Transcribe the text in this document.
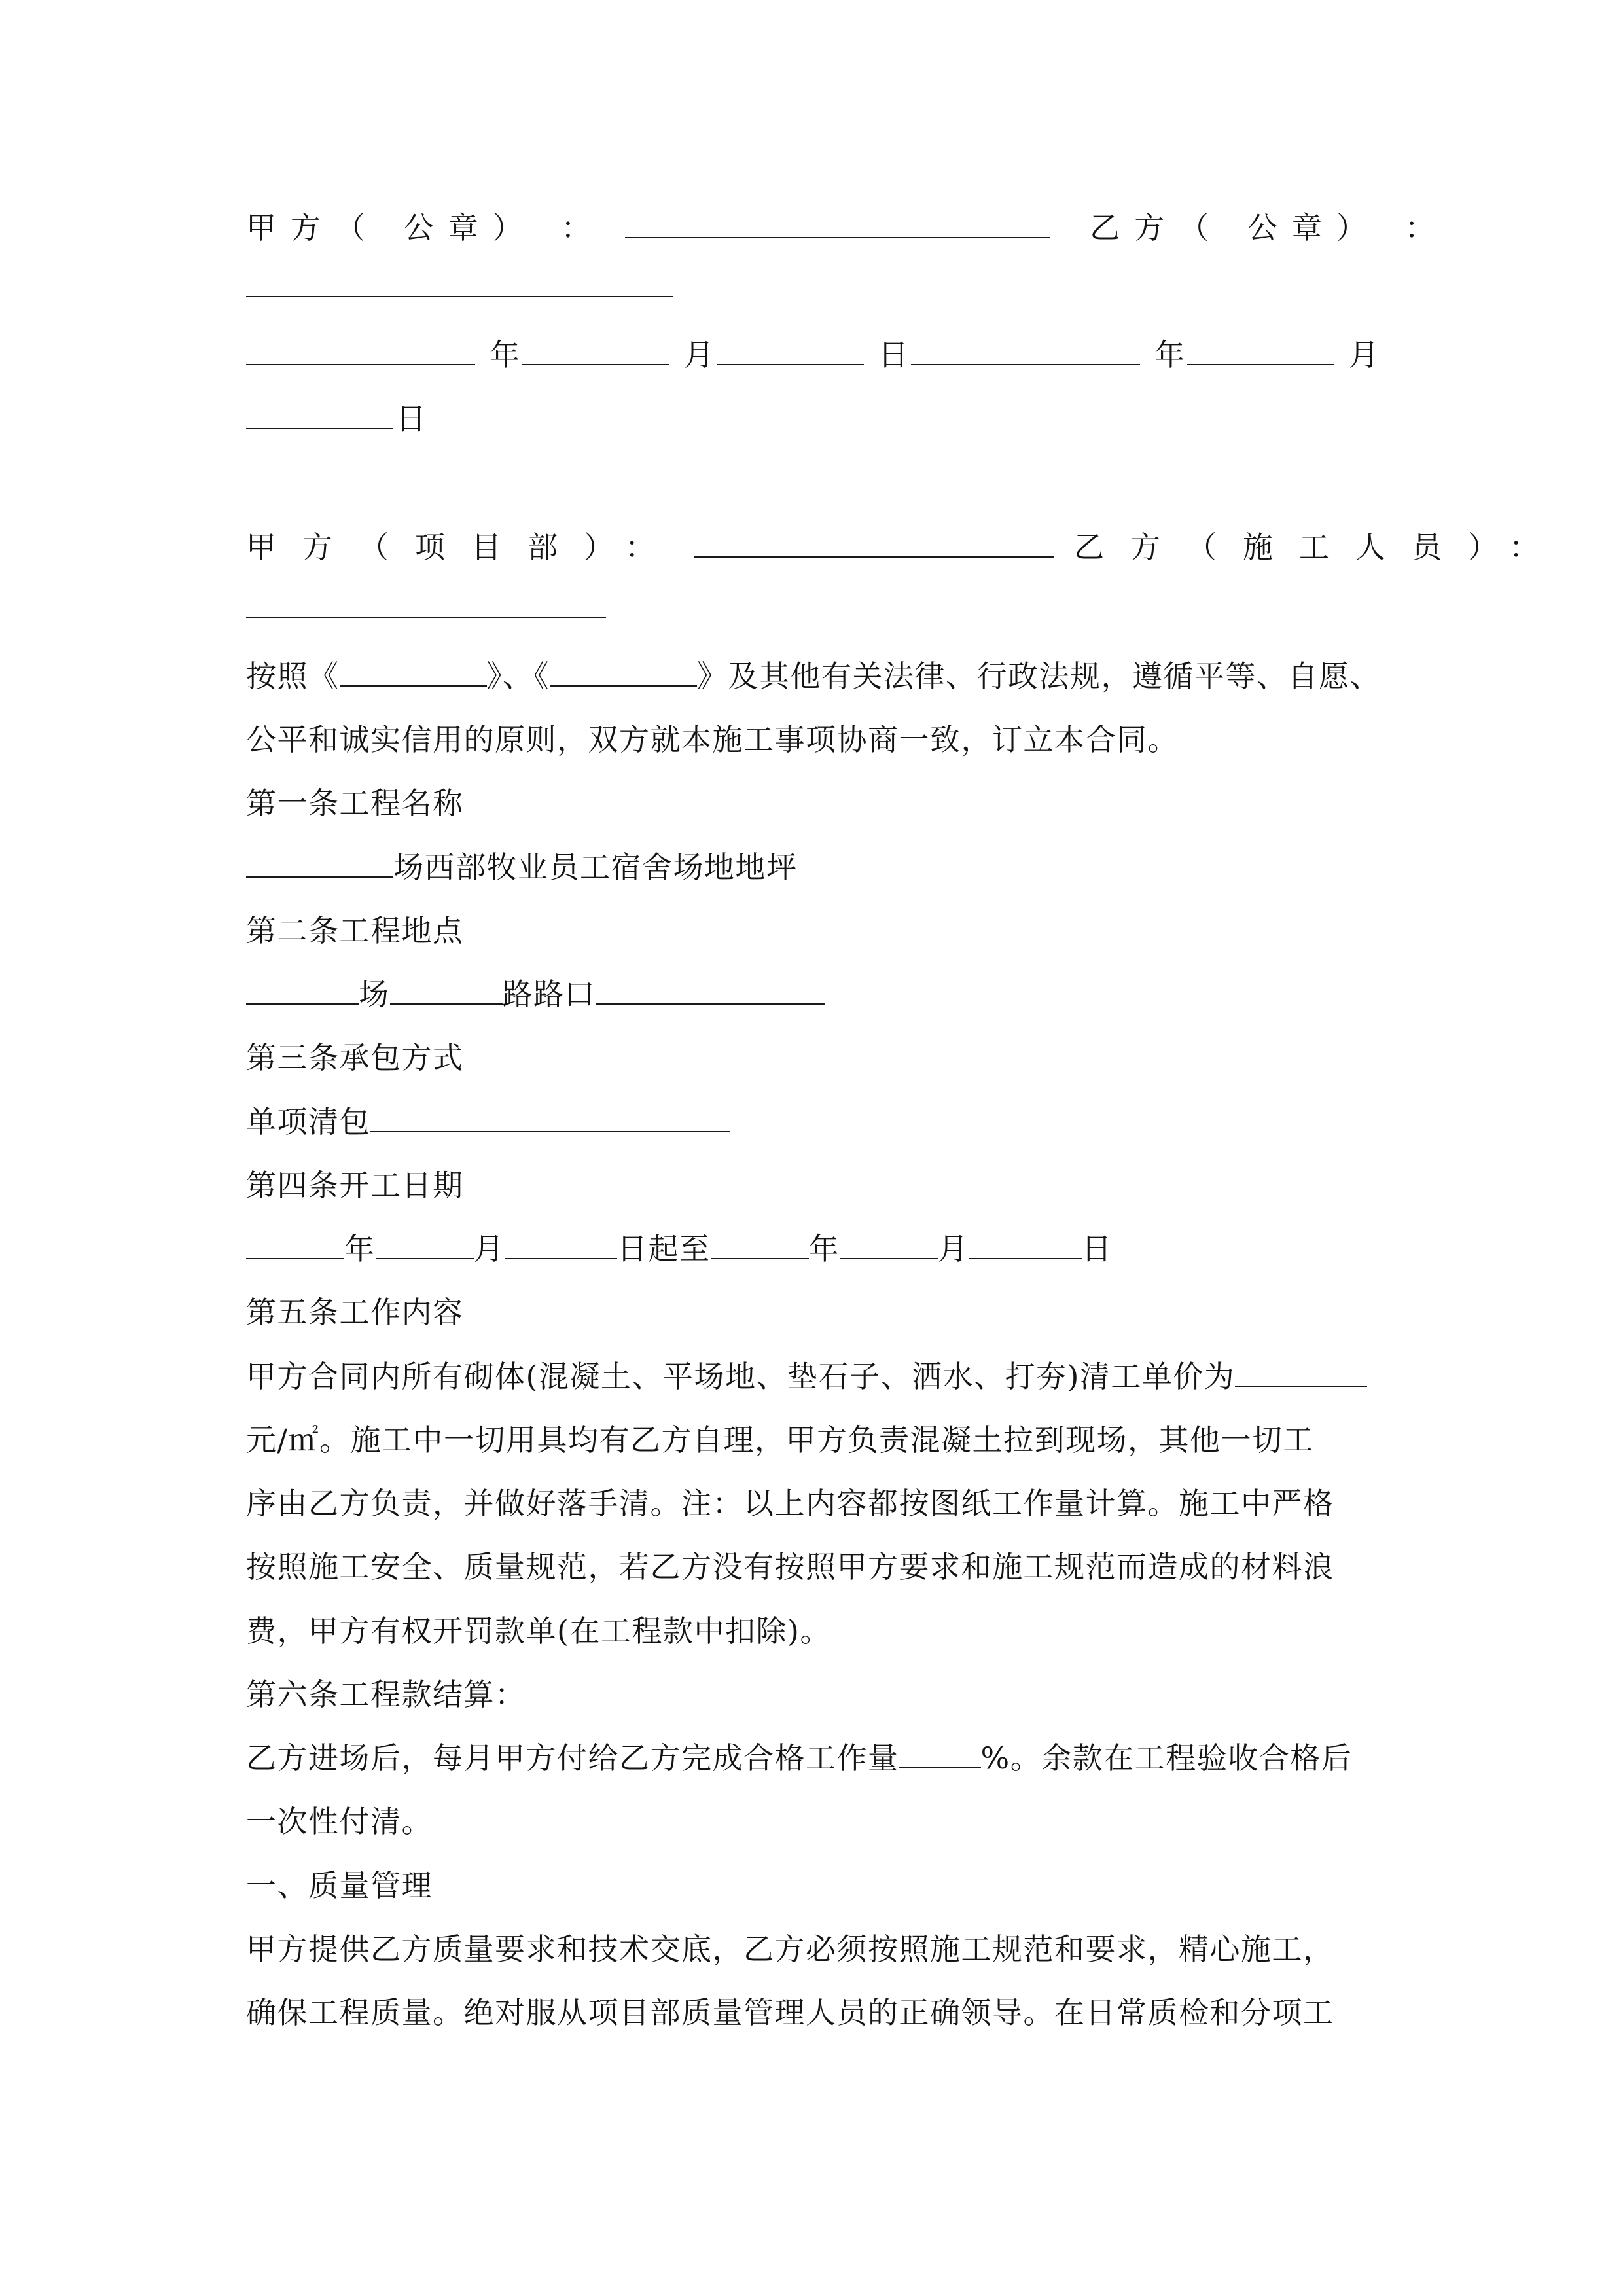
甲方（ 公章） ：	乙方（ 公章） ：
年	月	日	年	月
日
甲方（项目部）：	乙方（施工人员）：
按照《	》、《	》及其他有关法律、行政法规，遵循平等、自愿、
公平和诚实信用的原则，双方就本施工事项协商一致，订立本合同。
第一条工程名称
场西部牧业员工宿舍场地地坪
第二条工程地点
场	路路口
第三条承包方式
单项清包
第四条开工日期
年	月	日起至	年	月	日
第五条工作内容
甲方合同内所有砌体(混凝土、平场地、垫石子、洒水、打夯)清工单价为
元/㎡。施工中一切用具均有乙方自理，甲方负责混凝土拉到现场，其他一切工
序由乙方负责，并做好落手清。注：以上内容都按图纸工作量计算。施工中严格
按照施工安全、质量规范，若乙方没有按照甲方要求和施工规范而造成的材料浪
费，甲方有权开罚款单(在工程款中扣除)。
第六条工程款结算：
乙方进场后，每月甲方付给乙方完成合格工作量	%。余款在工程验收合格后
一次性付清。
一、质量管理
甲方提供乙方质量要求和技术交底，乙方必须按照施工规范和要求，精心施工，
确保工程质量。绝对服从项目部质量管理人员的正确领导。在日常质检和分项工
